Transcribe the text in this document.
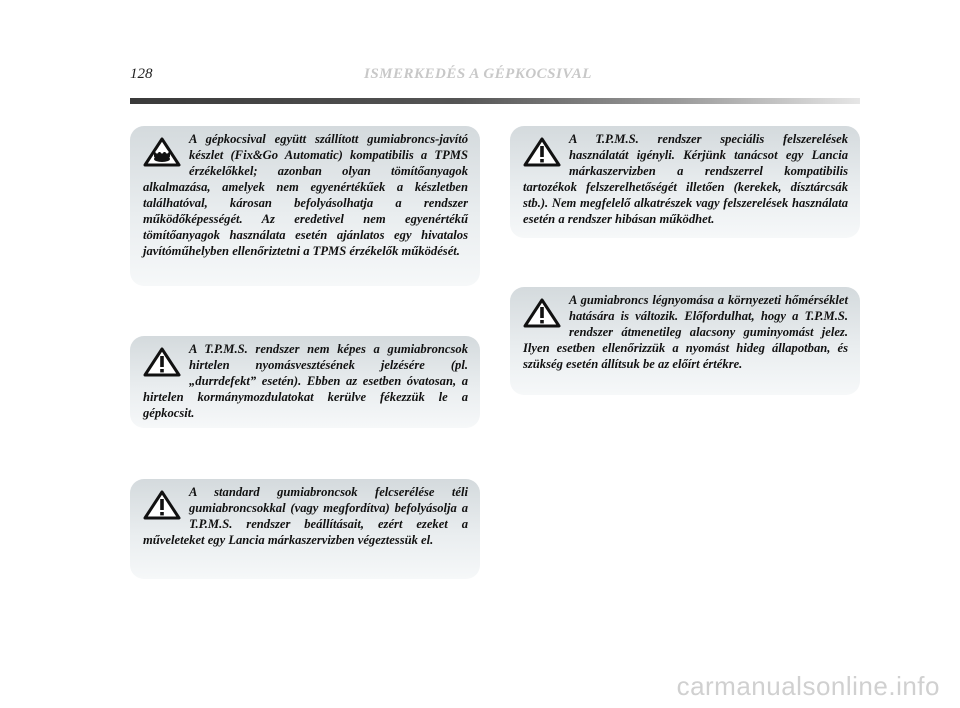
128	ISMERKEDÉS A GÉPKOCSIVAL

A gépkocsival együtt szállított gumiabroncs-javító készlet (Fix&Go Automatic) kompatibilis a TPMS érzékelőkkel; azonban olyan tömítőanyagok alkalmazása, amelyek nem egyenértékűek a készletben találhatóval, károsan befolyásolhatja a rendszer működőképességét. Az eredetivel nem egyenértékű tömítőanyagok használata esetén ajánlatos egy hivatalos javítóműhelyben ellenőriztetni a TPMS érzékelők működését.

A T.P.M.S. rendszer nem képes a gumiabroncsok hirtelen nyomásvesztésének jelzésére (pl. „durrdefekt” esetén). Ebben az esetben óvatosan, a hirtelen kormánymozdulatokat kerülve fékezzük le a gépkocsit.

A standard gumiabroncsok felcserélése téli gumiabroncsokkal (vagy megfordítva) befolyásolja a T.P.M.S. rendszer beállításait, ezért ezeket a műveleteket egy Lancia márkaszervizben végeztessük el.

A T.P.M.S. rendszer speciális felszerelések használatát igényli. Kérjünk tanácsot egy Lancia márkaszervizben a rendszerrel kompatibilis tartozékok felszerelhetőségét illetően (kerekek, dísztárcsák stb.). Nem megfelelő alkatrészek vagy felszerelések használata esetén a rendszer hibásan működhet.

A gumiabroncs légnyomása a környezeti hőmérséklet hatására is változik. Előfordulhat, hogy a T.P.M.S. rendszer átmenetileg alacsony guminyomást jelez. Ilyen esetben ellenőrizzük a nyomást hideg állapotban, és szükség esetén állítsuk be az előírt értékre.

carmanualsonline.info
